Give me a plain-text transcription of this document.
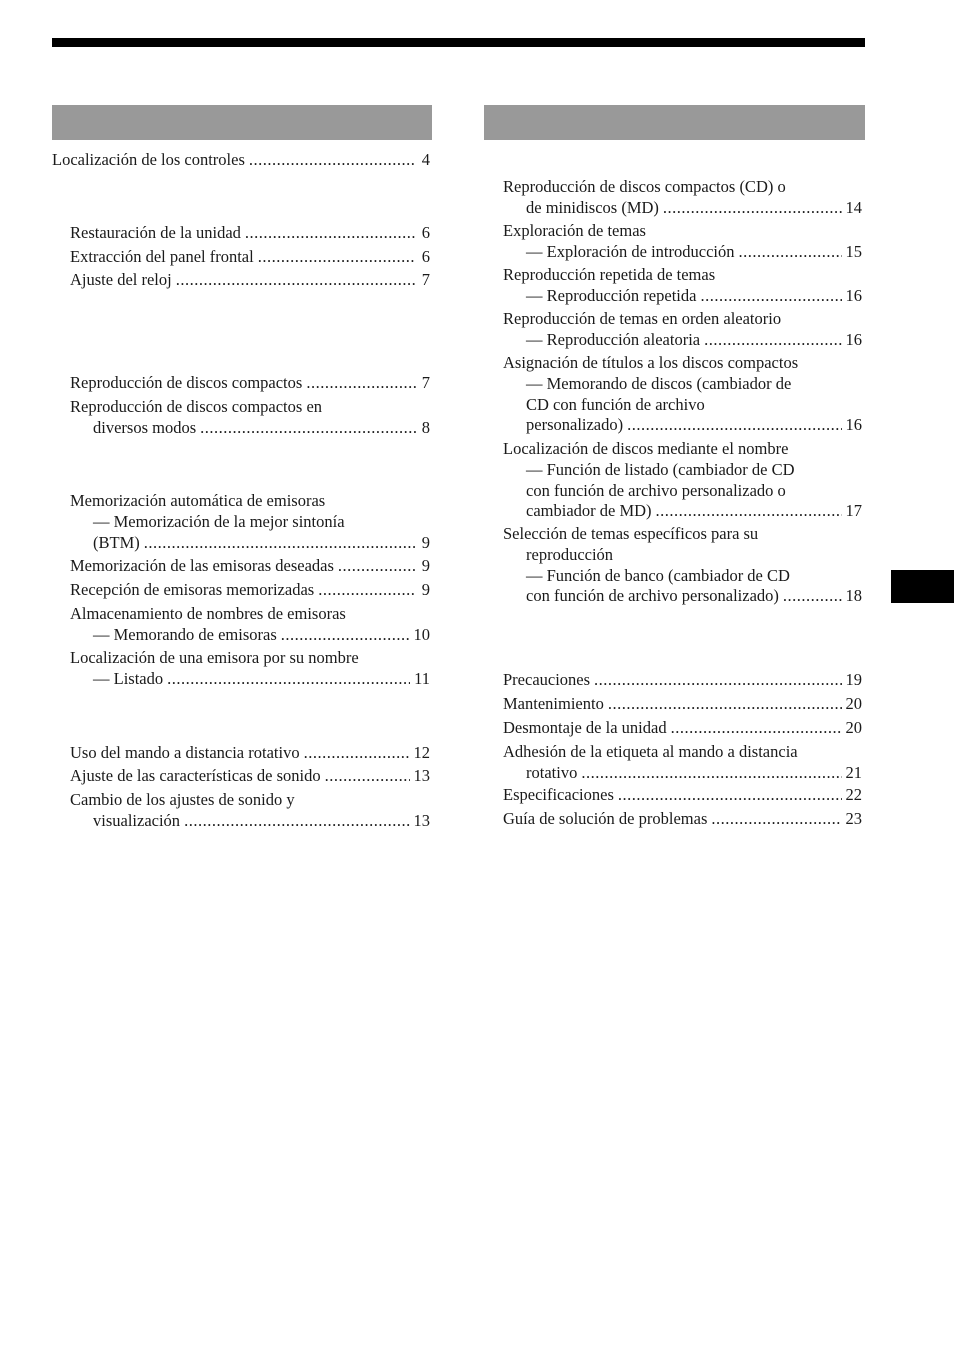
Localización de los controles .....	4
Restauración de la unidad .....	6
Extracción del panel frontal .....	6
Ajuste del reloj .....	7
Reproducción de discos compactos .....	7
Reproducción de discos compactos en
diversos modos .....	8
Memorización automática de emisoras
— Memorización de la mejor sintonía
(BTM) .....	9
Memorización de las emisoras deseadas .....	9
Recepción de emisoras memorizadas .....	9
Almacenamiento de nombres de emisoras
— Memorando de emisoras .....	10
Localización de una emisora por su nombre
— Listado .....	11
Uso del mando a distancia rotativo .....	12
Ajuste de las características de sonido .....	13
Cambio de los ajustes de sonido y
visualización .....	13
Reproducción de discos compactos (CD) o
de minidiscos (MD) .....	14
Exploración de temas
— Exploración de introducción .....	15
Reproducción repetida de temas
— Reproducción repetida .....	16
Reproducción de temas en orden aleatorio
— Reproducción aleatoria .....	16
Asignación de títulos a los discos compactos
— Memorando de discos (cambiador de
CD con función de archivo
personalizado) .....	16
Localización de discos mediante el nombre
— Función de listado (cambiador de CD
con función de archivo personalizado o
cambiador de MD) .....	17
Selección de temas específicos para su
reproducción
— Función de banco (cambiador de CD
con función de archivo personalizado) .....	18
Precauciones .....	19
Mantenimiento .....	20
Desmontaje de la unidad .....	20
Adhesión de la etiqueta al mando a distancia
rotativo .....	21
Especificaciones .....	22
Guía de solución de problemas .....	23
